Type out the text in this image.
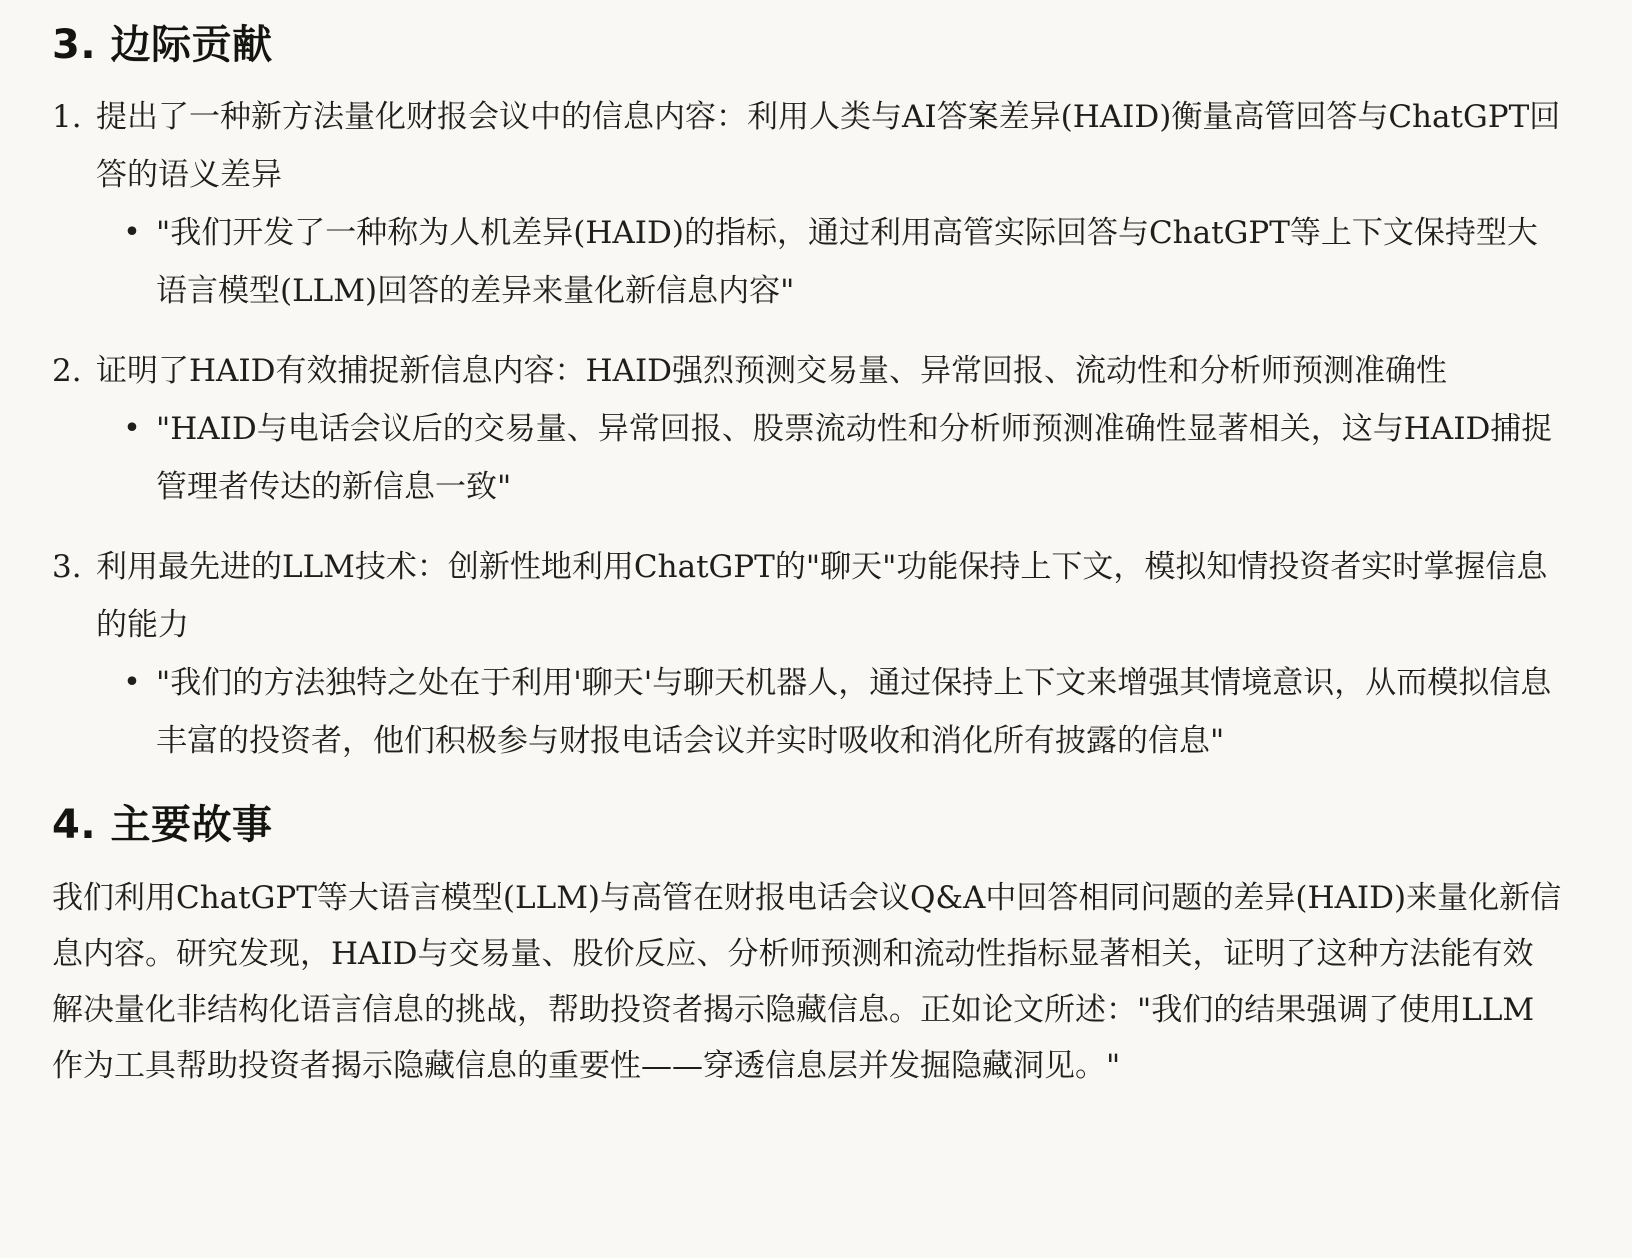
3. 边际贡献
1. 提出了一种新方法量化财报会议中的信息内容：利用人类与AI答案差异(HAID)衡量高管回答与ChatGPT回答的语义差异
• "我们开发了一种称为人机差异(HAID)的指标，通过利用高管实际回答与ChatGPT等上下文保持型大语言模型(LLM)回答的差异来量化新信息内容"
2. 证明了HAID有效捕捉新信息内容：HAID强烈预测交易量、异常回报、流动性和分析师预测准确性
• "HAID与电话会议后的交易量、异常回报、股票流动性和分析师预测准确性显著相关，这与HAID捕捉管理者传达的新信息一致"
3. 利用最先进的LLM技术：创新性地利用ChatGPT的"聊天"功能保持上下文，模拟知情投资者实时掌握信息的能力
• "我们的方法独特之处在于利用'聊天'与聊天机器人，通过保持上下文来增强其情境意识，从而模拟信息丰富的投资者，他们积极参与财报电话会议并实时吸收和消化所有披露的信息"
4. 主要故事

我们利用ChatGPT等大语言模型(LLM)与高管在财报电话会议Q&A中回答相同问题的差异(HAID)来量化新信息内容。研究发现，HAID与交易量、股价反应、分析师预测和流动性指标显著相关，证明了这种方法能有效解决量化非结构化语言信息的挑战，帮助投资者揭示隐藏信息。正如论文所述："我们的结果强调了使用LLM作为工具帮助投资者揭示隐藏信息的重要性——穿透信息层并发掘隐藏洞见。"
